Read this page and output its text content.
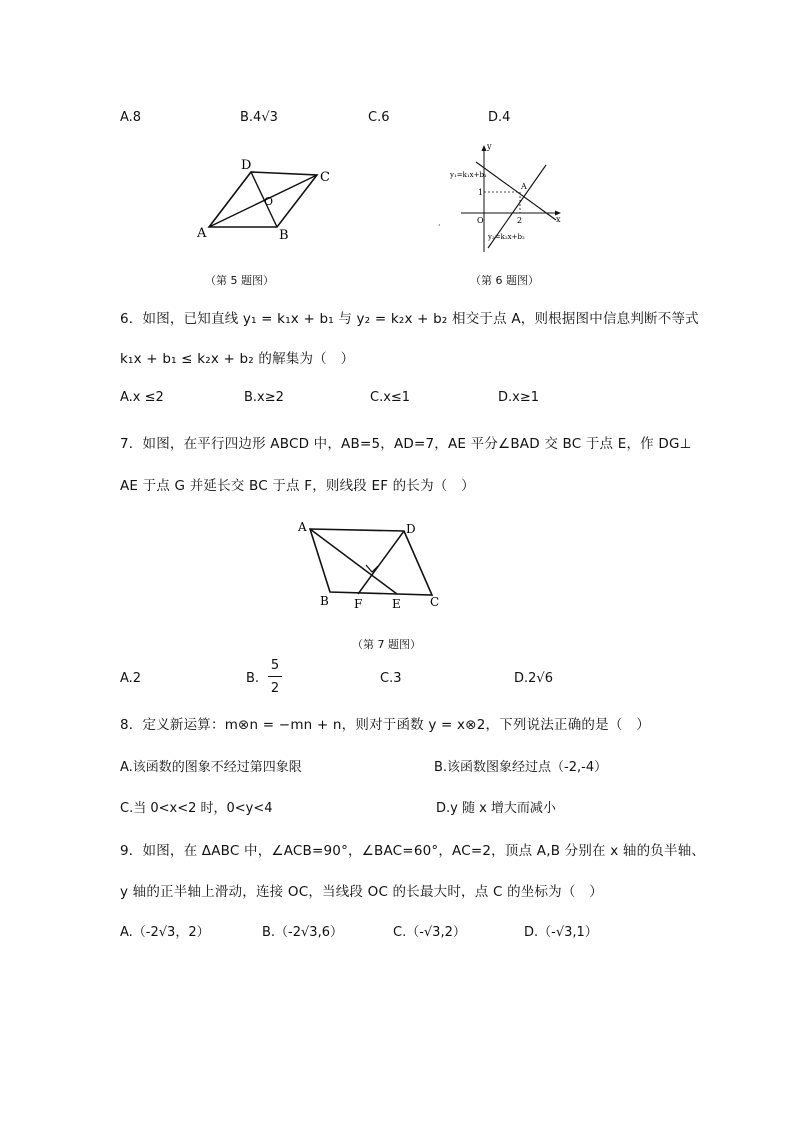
A.8	B.4√3	C.6	D.4
A	B
C
D
O
（第 5 题图）
y
x
O
1
2
A
y₁=k₁x+b₁
y₂=k₂x+b₂
·
（第 6 题图）
6．如图，已知直线 y₁ = k₁x + b₁ 与 y₂ = k₂x + b₂ 相交于点 A，则根据图中信息判断不等式
k₁x + b₁ ≤ k₂x + b₂ 的解集为（　）
A.x ≤2	B.x≥2	C.x≤1	D.x≥1
7．如图，在平行四边形 ABCD 中，AB=5，AD=7，AE 平分∠BAD 交 BC 于点 E，作 DG⊥
AE 于点 G 并延长交 BC 于点 F，则线段 EF 的长为（　）
A
B	C
D
E
F
（第 7 题图）
A.2	B.
5
2
C.3	D.2√6
8．定义新运算：m⊗n = −mn + n，则对于函数 y = x⊗2，下列说法正确的是（　）
A.该函数的图象不经过第四象限	B.该函数图象经过点（-2,-4）
C.当 0<x<2 时，0<y<4	D.y 随 x 增大而减小
9．如图，在 ΔABC 中，∠ACB=90°，∠BAC=60°，AC=2，顶点 A,B 分别在 x 轴的负半轴、
y 轴的正半轴上滑动，连接 OC，当线段 OC 的长最大时，点 C 的坐标为（　）
A.（-2√3，2）	B.（-2√3,6）	C.（-√3,2）	D.（-√3,1）
